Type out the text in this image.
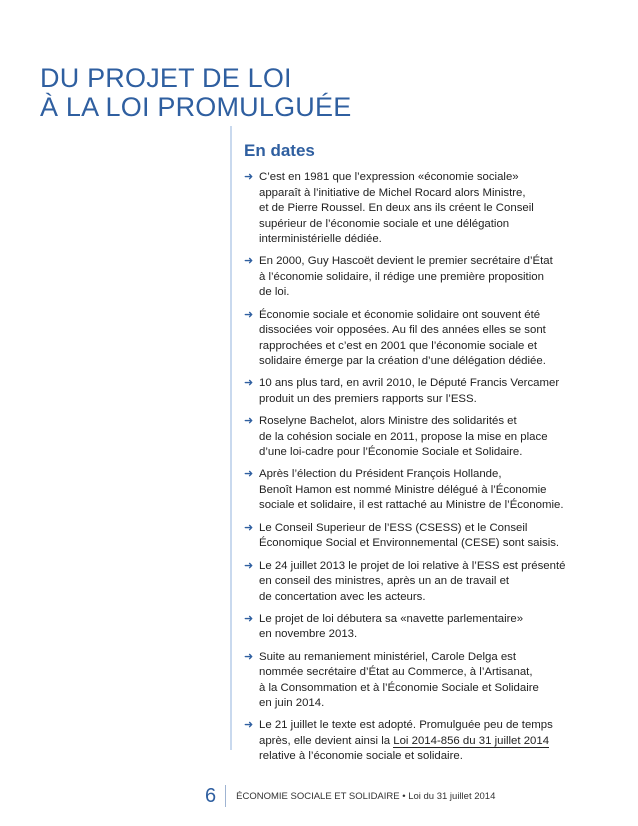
DU PROJET DE LOI
À LA LOI PROMULGUÉE
En dates
➜ C’est en 1981 que l’expression «économie sociale»
apparaît à l’initiative de Michel Rocard alors Ministre,
et de Pierre Roussel. En deux ans ils créent le Conseil
supérieur de l’économie sociale et une délégation
interministérielle dédiée.
➜ En 2000, Guy Hascoët devient le premier secrétaire d’État
à l’économie solidaire, il rédige une première proposition
de loi.
➜ Économie sociale et économie solidaire ont souvent été
dissociées voir opposées. Au fil des années elles se sont
rapprochées et c’est en 2001 que l’économie sociale et
solidaire émerge par la création d’une délégation dédiée.
➜ 10 ans plus tard, en avril 2010, le Député Francis Vercamer
produit un des premiers rapports sur l’ESS.
➜ Roselyne Bachelot, alors Ministre des solidarités et
de la cohésion sociale en 2011, propose la mise en place
d’une loi-cadre pour l’Économie Sociale et Solidaire.
➜ Après l’élection du Président François Hollande,
Benoît Hamon est nommé Ministre délégué à l’Économie
sociale et solidaire, il est rattaché au Ministre de l’Économie.
➜ Le Conseil Superieur de l’ESS (CSESS) et le Conseil
Économique Social et Environnemental (CESE) sont saisis.
➜ Le 24 juillet 2013 le projet de loi relative à l’ESS est présenté
en conseil des ministres, après un an de travail et
de concertation avec les acteurs.
➜ Le projet de loi débutera sa «navette parlementaire»
en novembre 2013.
➜ Suite au remaniement ministériel, Carole Delga est
nommée secrétaire d’État au Commerce, à l’Artisanat,
à la Consommation et à l’Économie Sociale et Solidaire
en juin 2014.
➜ Le 21 juillet le texte est adopté. Promulguée peu de temps
après, elle devient ainsi la Loi 2014-856 du 31 juillet 2014
relative à l’économie sociale et solidaire.
6 ÉCONOMIE SOCIALE ET SOLIDAIRE • Loi du 31 juillet 2014
